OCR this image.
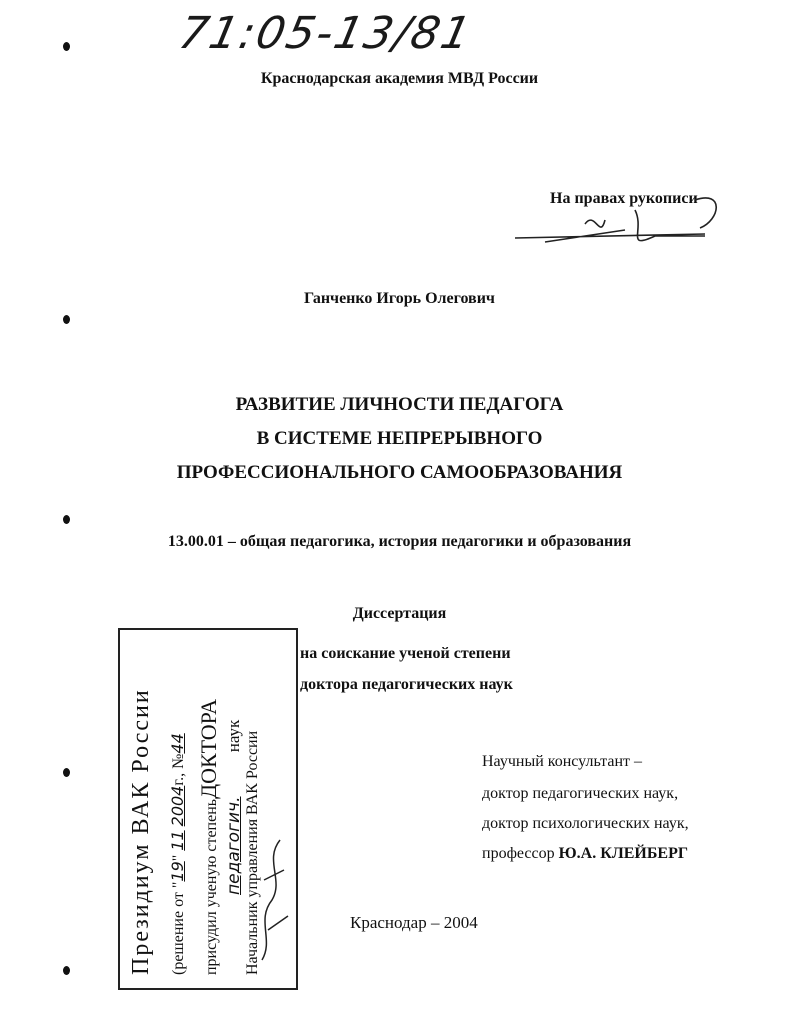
71:05-13/81
Краснодарская академия МВД России
На правах рукописи
Ганченко Игорь Олегович
РАЗВИТИЕ ЛИЧНОСТИ ПЕДАГОГА
В СИСТЕМЕ НЕПРЕРЫВНОГО
ПРОФЕССИОНАЛЬНОГО САМООБРАЗОВАНИЯ
13.00.01 – общая педагогика, история педагогики и образования
Диссертация
на соискание ученой степени
доктора педагогических наук
Научный консультант –
доктор педагогических наук,
доктор психологических наук,
профессор Ю.А. КЛЕЙБЕРГ
Краснодар – 2004
Президиум ВАК России (решение от "19" 11 2004г., №44
присудил ученую степеньДОКТОРА
педагогич. наук Начальник управления ВАК России
